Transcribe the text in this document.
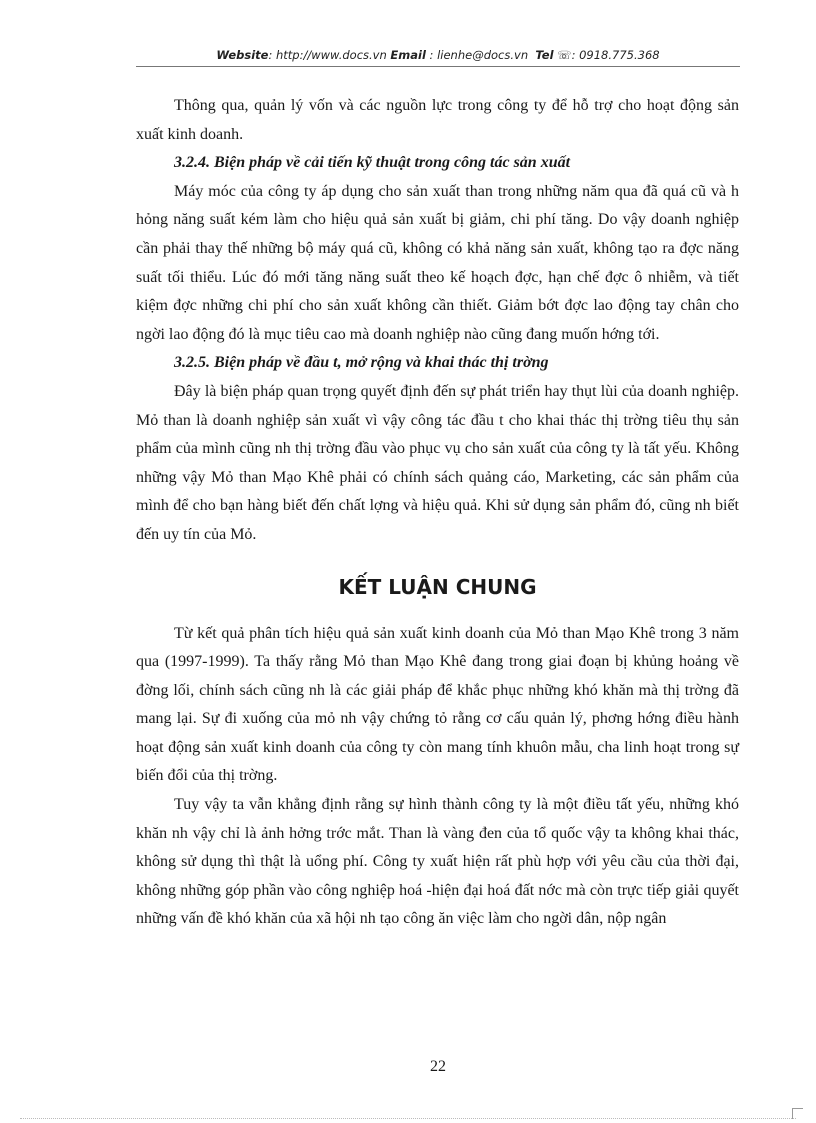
Website: http://www.docs.vn Email : lienhe@docs.vn Tel ☏: 0918.775.368

Thông qua, quản lý vốn và các nguồn lực trong công ty để hỗ trợ cho hoạt động sản xuất kinh doanh.

3.2.4. Biện pháp về cải tiến kỹ thuật trong công tác sản xuất

Máy móc của công ty áp dụng cho sản xuất than trong những năm qua đã quá cũ và h hỏng năng suất kém làm cho hiệu quả sản xuất bị giảm, chi phí tăng. Do vậy doanh nghiệp cần phải thay thế những bộ máy quá cũ, không có khả năng sản xuất, không tạo ra đợc năng suất tối thiểu. Lúc đó mới tăng năng suất theo kế hoạch đợc, hạn chế đợc ô nhiễm, và tiết kiệm đợc những chi phí cho sản xuất không cần thiết. Giảm bớt đợc lao động tay chân cho ngời lao động đó là mục tiêu cao mà doanh nghiệp nào cũng đang muốn hớng tới.

3.2.5. Biện pháp về đầu t, mở rộng và khai thác thị trờng

Đây là biện pháp quan trọng quyết định đến sự phát triển hay thụt lùi của doanh nghiệp. Mỏ than là doanh nghiệp sản xuất vì vậy công tác đầu t cho khai thác thị trờng tiêu thụ sản phẩm của mình cũng nh thị trờng đầu vào phục vụ cho sản xuất của công ty là tất yếu. Không những vậy Mỏ than Mạo Khê phải có chính sách quảng cáo, Marketing, các sản phẩm của mình để cho bạn hàng biết đến chất lợng và hiệu quả. Khi sử dụng sản phẩm đó, cũng nh biết đến uy tín của Mỏ.

KẾT LUẬN CHUNG

Từ kết quả phân tích hiệu quả sản xuất kinh doanh của Mỏ than Mạo Khê trong 3 năm qua (1997-1999). Ta thấy rằng Mỏ than Mạo Khê đang trong giai đoạn bị khủng hoảng về đờng lối, chính sách cũng nh là các giải pháp để khắc phục những khó khăn mà thị trờng đã mang lại. Sự đi xuống của mỏ nh vậy chứng tỏ rằng cơ cấu quản lý, phơng hớng điều hành hoạt động sản xuất kinh doanh của công ty còn mang tính khuôn mẫu, cha linh hoạt trong sự biến đổi của thị trờng.

Tuy vậy ta vẫn khẳng định rằng sự hình thành công ty là một điều tất yếu, những khó khăn nh vậy chỉ là ảnh hởng trớc mắt. Than là vàng đen của tổ quốc vậy ta không khai thác, không sử dụng thì thật là uổng phí. Công ty xuất hiện rất phù hợp với yêu cầu của thời đại, không những góp phần vào công nghiệp hoá -hiện đại hoá đất nớc mà còn trực tiếp giải quyết những vấn đề khó khăn của xã hội nh tạo công ăn việc làm cho ngời dân, nộp ngân

22
